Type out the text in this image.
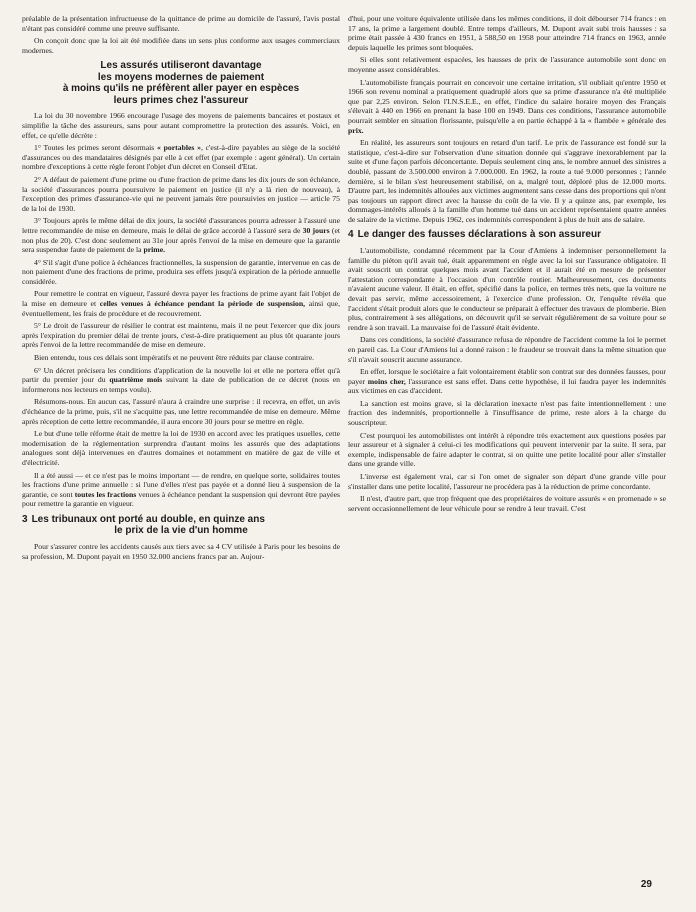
préalable de la présentation infructueuse de la quittance de prime au domicile de l'assuré, l'avis postal n'étant pas considéré comme une preuve suffisante.

On conçoit donc que la loi ait été modifiée dans un sens plus conforme aux usages commerciaux modernes.

Les assurés utiliseront davantage
les moyens modernes de paiement
à moins qu'ils ne préfèrent aller payer en espèces
leurs primes chez l'assureur

La loi du 30 novembre 1966 encourage l'usage des moyens de paiements bancaires et postaux et simplifie la tâche des assureurs, sans pour autant compromettre la protection des assurés. Voici, en effet, ce qu'elle décrète :

1° Toutes les primes seront désormais « portables », c'est-à-dire payables au siège de la société d'assurances ou des mandataires désignés par elle à cet effet (par exemple : agent général). Un certain nombre d'exceptions à cette règle feront l'objet d'un décret en Conseil d'Etat.

2° A défaut de paiement d'une prime ou d'une fraction de prime dans les dix jours de son échéance, la société d'assurances pourra poursuivre le paiement en justice (il n'y a là rien de nouveau), à l'exception des primes d'assurance-vie qui ne peuvent jamais être poursuivies en justice — article 75 de la loi de 1930.

3° Toujours après le même délai de dix jours, la société d'assurances pourra adresser à l'assuré une lettre recommandée de mise en demeure, mais le délai de grâce accordé à l'assuré sera de 30 jours (et non plus de 20). C'est donc seulement au 31e jour après l'envoi de la mise en demeure que la garantie sera suspendue faute de paiement de la prime.

4° S'il s'agit d'une police à échéances fractionnelles, la suspension de garantie, intervenue en cas de non paiement d'une des fractions de prime, produira ses effets jusqu'à expiration de la période annuelle considérée.

Pour remettre le contrat en vigueur, l'assuré devra payer les fractions de prime ayant fait l'objet de la mise en demeure et celles venues à échéance pendant la période de suspension, ainsi que, éventuellement, les frais de procédure et de recouvrement.

5° Le droit de l'assureur de résilier le contrat est maintenu, mais il ne peut l'exercer que dix jours après l'expiration du premier délai de trente jours, c'est-à-dire pratiquement au plus tôt quarante jours après l'envoi de la lettre recommandée de mise en demeure.

Bien entendu, tous ces délais sont impératifs et ne peuvent être réduits par clause contraire.

6° Un décret précisera les conditions d'application de la nouvelle loi et elle ne portera effet qu'à partir du premier jour du quatrième mois suivant la date de publication de ce décret (nous en informerons nos lecteurs en temps voulu).

Résumons-nous. En aucun cas, l'assuré n'aura à craindre une surprise : il recevra, en effet, un avis d'échéance de la prime, puis, s'il ne s'acquitte pas, une lettre recommandée de mise en demeure. Même après réception de cette lettre recommandée, il aura encore 30 jours pour se mettre en règle.

Le but d'une telle réforme était de mettre la loi de 1930 en accord avec les pratiques usuelles, cette modernisation de la réglementation surprendra d'autant moins les assurés que des adaptations analogues sont déjà intervenues en d'autres domaines et notamment en matière de gaz de ville et d'électricité.

Il a été aussi — et ce n'est pas le moins important — de rendre, en quelque sorte, solidaires toutes les fractions d'une prime annuelle : si l'une d'elles n'est pas payée et a donné lieu à suspension de la garantie, ce sont toutes les fractions venues à échéance pendant la suspension qui devront être payées pour remettre la garantie en vigueur.

3 Les tribunaux ont porté au double, en quinze ans
le prix de la vie d'un homme

Pour s'assurer contre les accidents causés aux tiers avec sa 4 CV utilisée à Paris pour les besoins de sa profession, M. Dupont payait en 1950 32.000 anciens francs par an. Aujour-

d'hui, pour une voiture équivalente utilisée dans les mêmes conditions, il doit débourser 714 francs : en 17 ans, la prime a largement doublé. Entre temps d'ailleurs, M. Dupont avait subi trois hausses : sa prime était passée à 430 francs en 1951, à 588,50 en 1958 pour atteindre 714 francs en 1963, année depuis laquelle les primes sont bloquées.

Si elles sont relativement espacées, les hausses de prix de l'assurance automobile sont donc en moyenne assez considérables.

L'automobiliste français pourrait en concevoir une certaine irritation, s'il oubliait qu'entre 1950 et 1966 son revenu nominal a pratiquement quadruplé alors que sa prime d'assurance n'a été multipliée que par 2,25 environ. Selon l'I.N.S.E.E., en effet, l'indice du salaire horaire moyen des Français s'élevait à 440 en 1966 en prenant la base 100 en 1949. Dans ces conditions, l'assurance automobile pourrait sembler en situation florissante, puisqu'elle a en partie échappé à la « flambée » générale des prix.

En réalité, les assureurs sont toujours en retard d'un tarif. Le prix de l'assurance est fondé sur la statistique, c'est-à-dire sur l'observation d'une situation donnée qui s'aggrave inexorablement par la suite et d'une façon parfois déconcertante. Depuis seulement cinq ans, le nombre annuel des sinistres a doublé, passant de 3.500.000 environ à 7.000.000. En 1962, la route a tué 9.000 personnes ; l'année dernière, si le bilan s'est heureusement stabilisé, on a, malgré tout, déploré plus de 12.000 morts. D'autre part, les indemnités allouées aux victimes augmentent sans cesse dans des proportions qui n'ont pas toujours un rapport direct avec la hausse du coût de la vie. Il y a quinze ans, par exemple, les dommages-intérêts alloués à la famille d'un homme tué dans un accident représentaient quatre années de salaire de la victime. Depuis 1962, ces indemnités correspondent à plus de huit ans de salaire.

4 Le danger des fausses déclarations à son assureur

L'automobiliste, condamné récemment par la Cour d'Amiens à indemniser personnellement la famille du piéton qu'il avait tué, était apparemment en règle avec la loi sur l'assurance obligatoire. Il avait souscrit un contrat quelques mois avant l'accident et il aurait été en mesure de présenter l'attestation correspondante à l'occasion d'un contrôle routier. Malheureusement, ces documents n'avaient aucune valeur. Il était, en effet, spécifié dans la police, en termes très nets, que la voiture ne devait pas servir, même accessoirement, à l'exercice d'une profession. Or, l'enquête révéla que l'accident s'était produit alors que le conducteur se préparait à effectuer des travaux de plomberie. Bien plus, contrairement à ses allégations, on découvrit qu'il se servait régulièrement de sa voiture pour se rendre à son travail. La mauvaise foi de l'assuré était évidente.

Dans ces conditions, la société d'assurance refusa de répondre de l'accident comme la loi le permet en pareil cas. La Cour d'Amiens lui a donné raison : le fraudeur se trouvait dans la même situation que s'il n'avait souscrit aucune assurance.

En effet, lorsque le sociétaire a fait volontairement établir son contrat sur des données fausses, pour payer moins cher, l'assurance est sans effet. Dans cette hypothèse, il lui faudra payer les indemnités aux victimes en cas d'accident.

La sanction est moins grave, si la déclaration inexacte n'est pas faite intentionnellement : une fraction des indemnités, proportionnelle à l'insuffisance de prime, reste alors à la charge du souscripteur.

C'est pourquoi les automobilistes ont intérêt à répondre très exactement aux questions posées par leur assureur et à signaler à celui-ci les modifications qui peuvent intervenir par la suite. Il sera, par exemple, indispensable de faire adapter le contrat, si on quitte une petite localité pour aller s'installer dans une grande ville.

L'inverse est également vrai, car si l'on omet de signaler son départ d'une grande ville pour s'installer dans une petite localité, l'assureur ne procédera pas à la réduction de prime concordante.

Il n'est, d'autre part, que trop fréquent que des propriétaires de voiture assurés « en promenade » se servent occasionnellement de leur véhicule pour se rendre à leur travail. C'est

29
